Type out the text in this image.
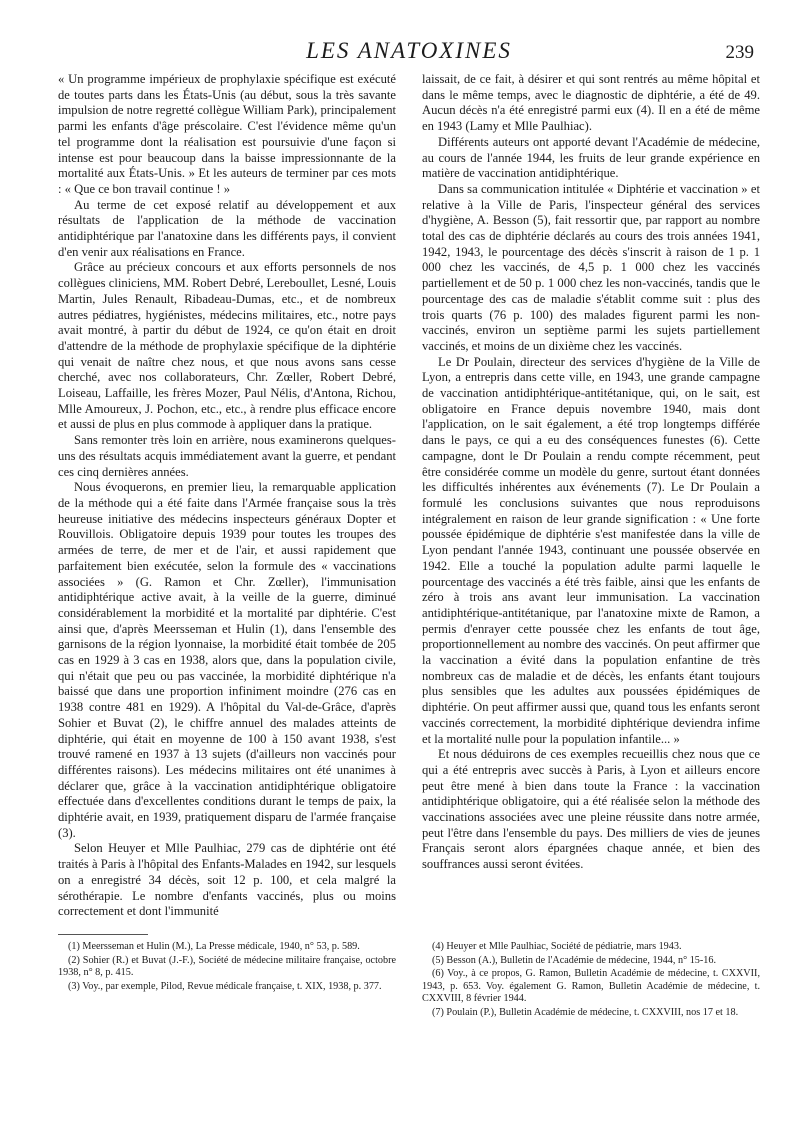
LES ANATOXINES	239

« Un programme impérieux de prophylaxie spécifique est exécuté de toutes parts dans les États-Unis (au début, sous la très savante impulsion de notre regretté collègue William Park), principalement parmi les enfants d'âge préscolaire. C'est l'évidence même qu'un tel programme dont la réalisation est poursuivie d'une façon si intense est pour beaucoup dans la baisse impressionnante de la mortalité aux États-Unis. » Et les auteurs de terminer par ces mots : « Que ce bon travail continue ! »

Au terme de cet exposé relatif au développement et aux résultats de l'application de la méthode de vaccination antidiphtérique par l'anatoxine dans les différents pays, il convient d'en venir aux réalisations en France.

Grâce au précieux concours et aux efforts personnels de nos collègues cliniciens, MM. Robert Debré, Lereboullet, Lesné, Louis Martin, Jules Renault, Ribadeau-Dumas, etc., et de nombreux autres pédiatres, hygiénistes, médecins militaires, etc., notre pays avait montré, à partir du début de 1924, ce qu'on était en droit d'attendre de la méthode de prophylaxie spécifique de la diphtérie qui venait de naître chez nous, et que nous avons sans cesse cherché, avec nos collaborateurs, Chr. Zœller, Robert Debré, Loiseau, Laffaille, les frères Mozer, Paul Nélis, d'Antona, Richou, Mlle Amoureux, J. Pochon, etc., etc., à rendre plus efficace encore et aussi de plus en plus commode à appliquer dans la pratique.

Sans remonter très loin en arrière, nous examinerons quelques-uns des résultats acquis immédiatement avant la guerre, et pendant ces cinq dernières années.

Nous évoquerons, en premier lieu, la remarquable application de la méthode qui a été faite dans l'Armée française sous la très heureuse initiative des médecins inspecteurs généraux Dopter et Rouvillois. Obligatoire depuis 1939 pour toutes les troupes des armées de terre, de mer et de l'air, et aussi rapidement que parfaitement bien exécutée, selon la formule des « vaccinations associées » (G. Ramon et Chr. Zœller), l'immunisation antidiphtérique active avait, à la veille de la guerre, diminué considérablement la morbidité et la mortalité par diphtérie. C'est ainsi que, d'après Meersseman et Hulin (1), dans l'ensemble des garnisons de la région lyonnaise, la morbidité était tombée de 205 cas en 1929 à 3 cas en 1938, alors que, dans la population civile, qui n'était que peu ou pas vaccinée, la morbidité diphtérique n'a baissé que dans une proportion infiniment moindre (276 cas en 1938 contre 481 en 1929). A l'hôpital du Val-de-Grâce, d'après Sohier et Buvat (2), le chiffre annuel des malades atteints de diphtérie, qui était en moyenne de 100 à 150 avant 1938, s'est trouvé ramené en 1937 à 13 sujets (d'ailleurs non vaccinés pour différentes raisons). Les médecins militaires ont été unanimes à déclarer que, grâce à la vaccination antidiphtérique obligatoire effectuée dans d'excellentes conditions durant le temps de paix, la diphtérie avait, en 1939, pratiquement disparu de l'armée française (3).

Selon Heuyer et Mlle Paulhiac, 279 cas de diphtérie ont été traités à Paris à l'hôpital des Enfants-Malades en 1942, sur lesquels on a enregistré 34 décès, soit 12 p. 100, et cela malgré la sérothérapie. Le nombre d'enfants vaccinés, plus ou moins correctement et dont l'immunité

laissait, de ce fait, à désirer et qui sont rentrés au même hôpital et dans le même temps, avec le diagnostic de diphtérie, a été de 49. Aucun décès n'a été enregistré parmi eux (4). Il en a été de même en 1943 (Lamy et Mlle Paulhiac).

Différents auteurs ont apporté devant l'Académie de médecine, au cours de l'année 1944, les fruits de leur grande expérience en matière de vaccination antidiphtérique.

Dans sa communication intitulée « Diphtérie et vaccination » et relative à la Ville de Paris, l'inspecteur général des services d'hygiène, A. Besson (5), fait ressortir que, par rapport au nombre total des cas de diphtérie déclarés au cours des trois années 1941, 1942, 1943, le pourcentage des décès s'inscrit à raison de 1 p. 1 000 chez les vaccinés, de 4,5 p. 1 000 chez les vaccinés partiellement et de 50 p. 1 000 chez les non-vaccinés, tandis que le pourcentage des cas de maladie s'établit comme suit : plus des trois quarts (76 p. 100) des malades figurent parmi les non-vaccinés, environ un septième parmi les sujets partiellement vaccinés, et moins de un dixième chez les vaccinés.

Le Dr Poulain, directeur des services d'hygiène de la Ville de Lyon, a entrepris dans cette ville, en 1943, une grande campagne de vaccination antidiphtérique-antitétanique, qui, on le sait, est obligatoire en France depuis novembre 1940, mais dont l'application, on le sait également, a été trop longtemps différée dans le pays, ce qui a eu des conséquences funestes (6). Cette campagne, dont le Dr Poulain a rendu compte récemment, peut être considérée comme un modèle du genre, surtout étant données les difficultés inhérentes aux événements (7). Le Dr Poulain a formulé les conclusions suivantes que nous reproduisons intégralement en raison de leur grande signification : « Une forte poussée épidémique de diphtérie s'est manifestée dans la ville de Lyon pendant l'année 1943, continuant une poussée observée en 1942. Elle a touché la population adulte parmi laquelle le pourcentage des vaccinés a été très faible, ainsi que les enfants de zéro à trois ans avant leur immunisation. La vaccination antidiphtérique-antitétanique, par l'anatoxine mixte de Ramon, a permis d'enrayer cette poussée chez les enfants de tout âge, proportionnellement au nombre des vaccinés. On peut affirmer que la vaccination a évité dans la population enfantine de très nombreux cas de maladie et de décès, les enfants étant toujours plus sensibles que les adultes aux poussées épidémiques de diphtérie. On peut affirmer aussi que, quand tous les enfants seront vaccinés correctement, la morbidité diphtérique deviendra infime et la mortalité nulle pour la population infantile... »

Et nous déduirons de ces exemples recueillis chez nous que ce qui a été entrepris avec succès à Paris, à Lyon et ailleurs encore peut être mené à bien dans toute la France : la vaccination antidiphtérique obligatoire, qui a été réalisée selon la méthode des vaccinations associées avec une pleine réussite dans notre armée, peut l'être dans l'ensemble du pays. Des milliers de vies de jeunes Français seront alors épargnées chaque année, et bien des souffrances aussi seront évitées.

(1) Meersseman et Hulin (M.), La Presse médicale, 1940, n° 53, p. 589.

(2) Sohier (R.) et Buvat (J.-F.), Société de médecine militaire française, octobre 1938, n° 8, p. 415.

(3) Voy., par exemple, Pilod, Revue médicale française, t. XIX, 1938, p. 377.

(4) Heuyer et Mlle Paulhiac, Société de pédiatrie, mars 1943.

(5) Besson (A.), Bulletin de l'Académie de médecine, 1944, n° 15-16.

(6) Voy., à ce propos, G. Ramon, Bulletin Académie de médecine, t. CXXVII, 1943, p. 653. Voy. également G. Ramon, Bulletin Académie de médecine, t. CXXVIII, 8 février 1944.

(7) Poulain (P.), Bulletin Académie de médecine, t. CXXVIII, nos 17 et 18.
